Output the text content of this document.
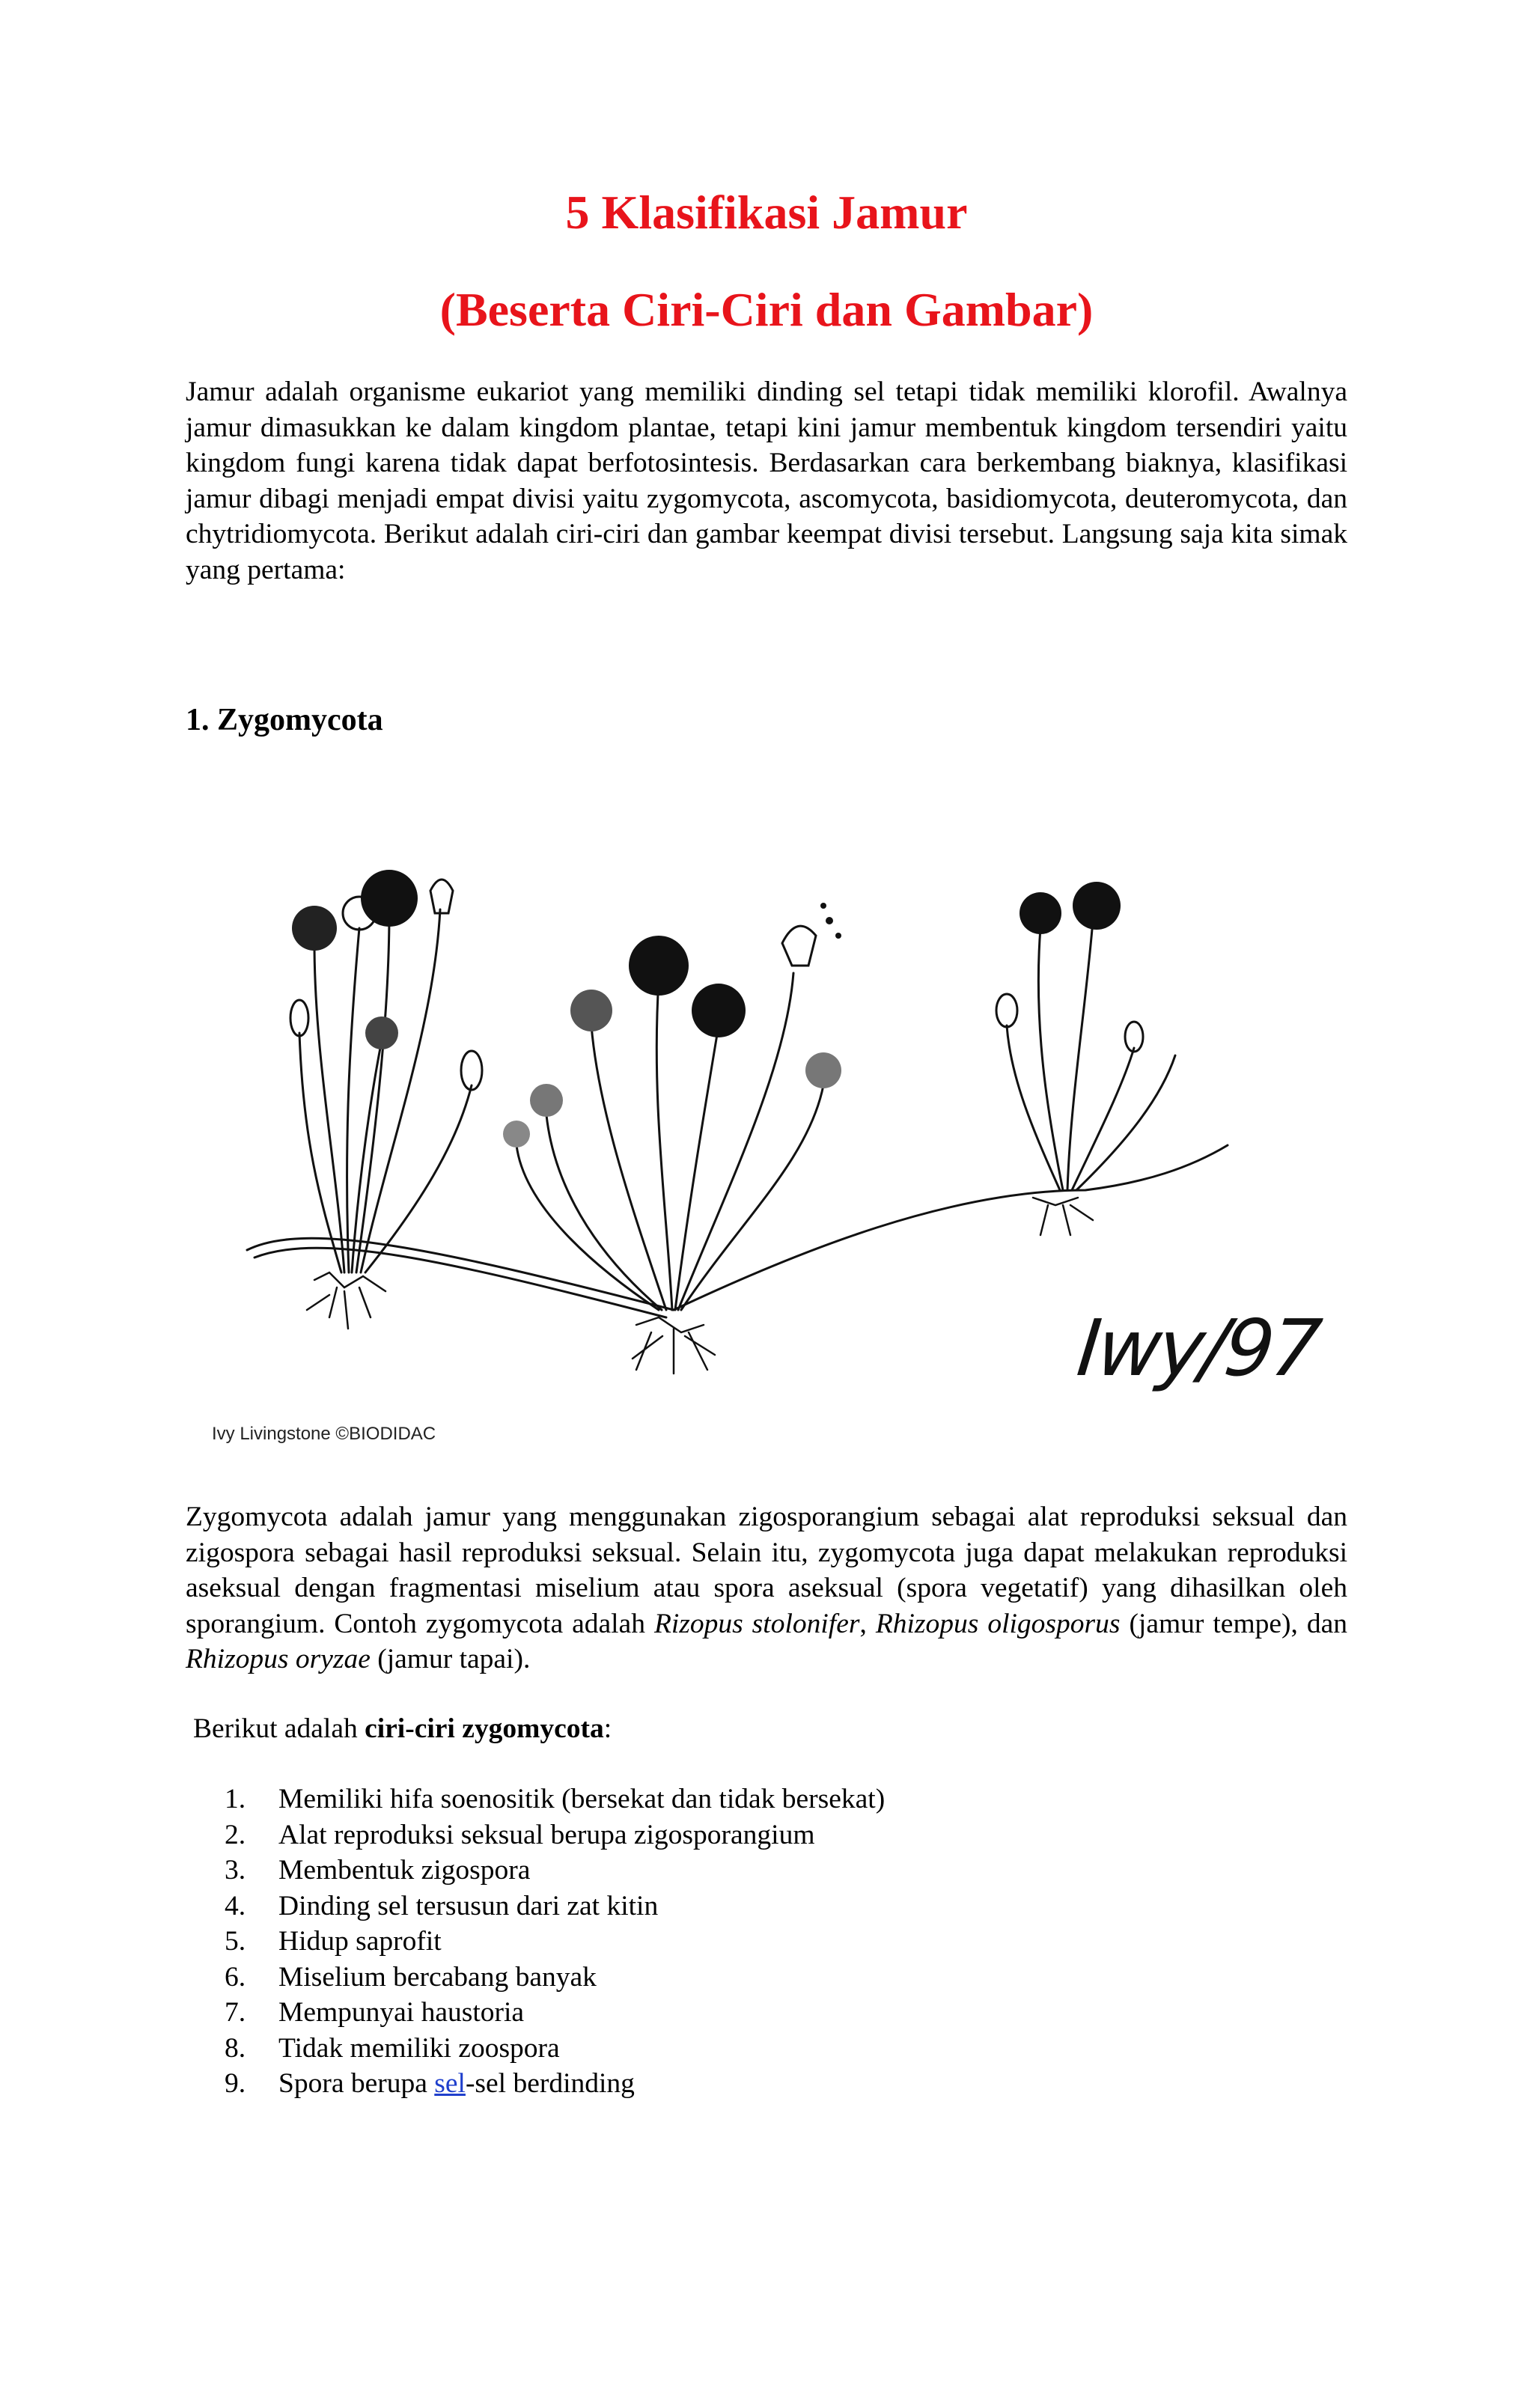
5 Klasifikasi Jamur
(Beserta Ciri-Ciri dan Gambar)

Jamur adalah organisme eukariot yang memiliki dinding sel tetapi tidak memiliki klorofil. Awalnya jamur dimasukkan ke dalam kingdom plantae, tetapi kini jamur membentuk kingdom tersendiri yaitu kingdom fungi karena tidak dapat berfotosintesis. Berdasarkan cara berkembang biaknya, klasifikasi jamur dibagi menjadi empat divisi yaitu zygomycota, ascomycota, basidiomycota, deuteromycota, dan chytridiomycota. Berikut adalah ciri-ciri dan gambar keempat divisi tersebut. Langsung saja kita simak yang pertama:

1. Zygomycota
Iwy/97
Ivy Livingstone ©BIODIDAC

Zygomycota adalah jamur yang menggunakan zigosporangium sebagai alat reproduksi seksual dan zigospora sebagai hasil reproduksi seksual. Selain itu, zygomycota juga dapat melakukan reproduksi aseksual dengan fragmentasi miselium atau spora aseksual (spora vegetatif) yang dihasilkan oleh sporangium. Contoh zygomycota adalah Rizopus stolonifer, Rhizopus oligosporus (jamur tempe), dan Rhizopus oryzae (jamur tapai).

Berikut adalah ciri-ciri zygomycota:

1.	Memiliki hifa soenositik (bersekat dan tidak bersekat)
2.	Alat reproduksi seksual berupa zigosporangium
3.	Membentuk zigospora
4.	Dinding sel tersusun dari zat kitin
5.	Hidup saprofit
6.	Miselium bercabang banyak
7.	Mempunyai haustoria
8.	Tidak memiliki zoospora
9.	Spora berupa sel-sel berdinding
